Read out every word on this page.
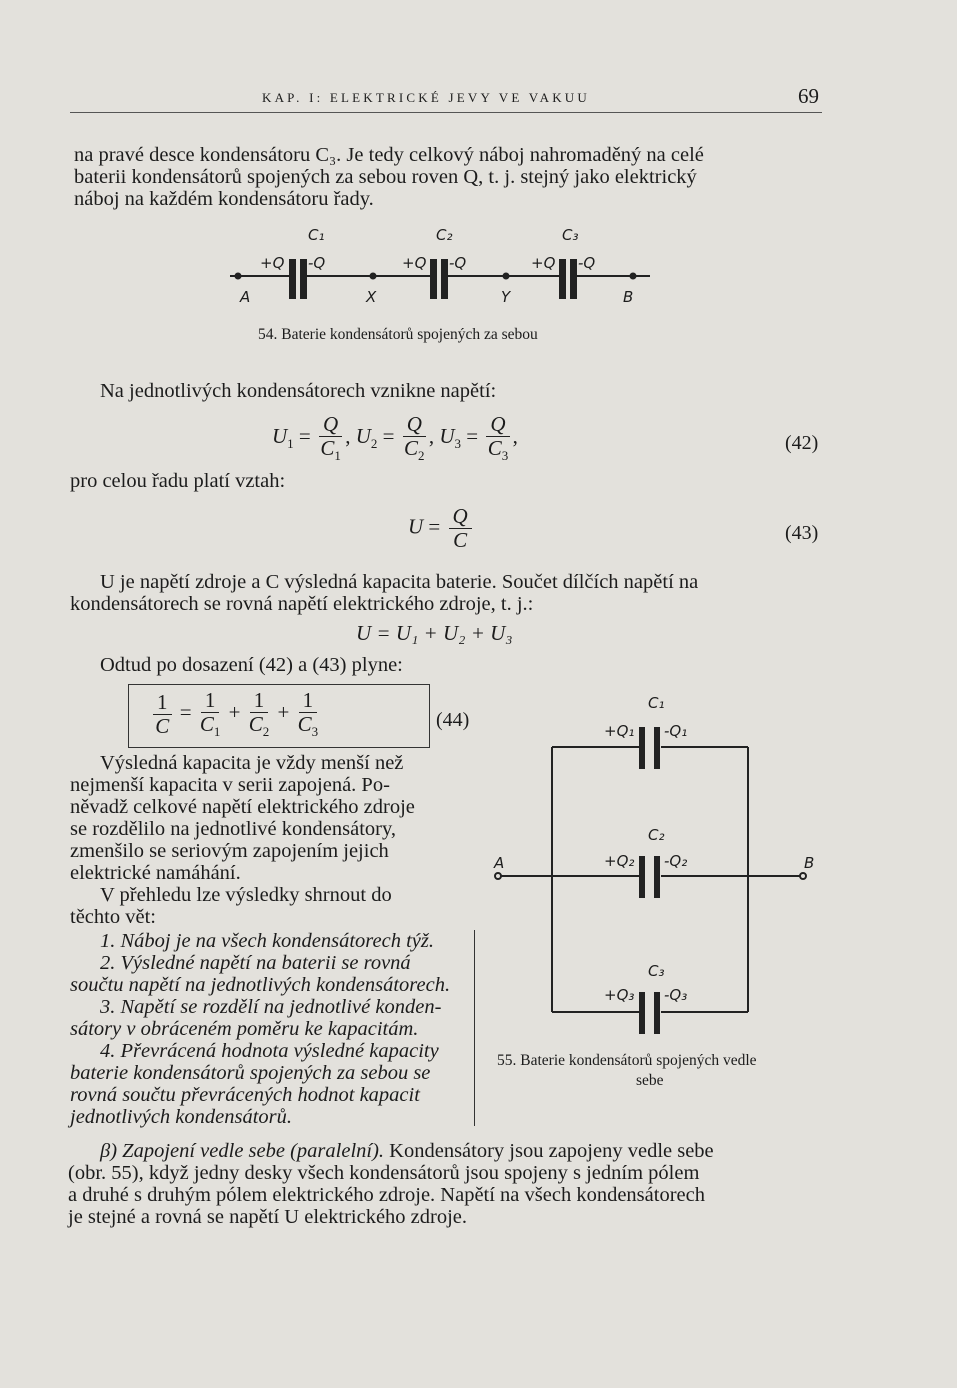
KAP. I: ELEKTRICKÉ JEVY VE VAKUU	69
na pravé desce kondensátoru C₃. Je tedy celkový náboj nahromaděný na celé
baterii kondensátorů spojených za sebou roven Q, t. j. stejný jako elektrický
náboj na každém kondensátoru řady.
C₁	C₂	C₃
+Q -Q	+Q -Q	+Q -Q
A	X	Y	B
54. Baterie kondensátorů spojených za sebou
Na jednotlivých kondensátorech vznikne napětí:
$U_1 = \frac{Q}{C_1}$ , $U_2 = \frac{Q}{C_2}$ , $U_3 = \frac{Q}{C_3}$ ,	(42)
pro celou řadu platí vztah:
$U = \frac{Q}{C}$	(43)
U je napětí zdroje a C výsledná kapacita baterie. Součet dílčích napětí na
kondensátorech se rovná napětí elektrického zdroje, t. j.:
U = U₁ + U₂ + U₃
Odtud po dosazení (42) a (43) plyne:
$\frac{1}{C} = \frac{1}{C_1} + \frac{1}{C_2} + \frac{1}{C_3}$	(44)
Výsledná kapacita je vždy menší než
nejmenší kapacita v serii zapojená. Po-
něvadž celkové napětí elektrického zdroje
se rozdělilo na jednotlivé kondensátory,
zmenšilo se seriovým zapojením jejich
elektrické namáhání.
V přehledu lze výsledky shrnout do
těchto vět:
1. Náboj je na všech kondensátorech týž.
2. Výsledné napětí na baterii se rovná
součtu napětí na jednotlivých kondensátorech.
3. Napětí se rozdělí na jednotlivé konden-
sátory v obráceném poměru ke kapacitám.
4. Převrácená hodnota výsledné kapacity
baterie kondensátorů spojených za sebou se
rovná součtu převrácených hodnot kapacit
jednotlivých kondensátorů.
C₁
+Q₁ -Q₁
C₂
+Q₂ -Q₂
C₃
+Q₃ -Q₃
A	B
55. Baterie kondensátorů spojených vedle
sebe
β) Zapojení vedle sebe (paralelní). Kondensátory jsou zapojeny vedle sebe
(obr. 55), když jedny desky všech kondensátorů jsou spojeny s jedním pólem
a druhé s druhým pólem elektrického zdroje. Napětí na všech kondensátorech
je stejné a rovná se napětí U elektrického zdroje.
